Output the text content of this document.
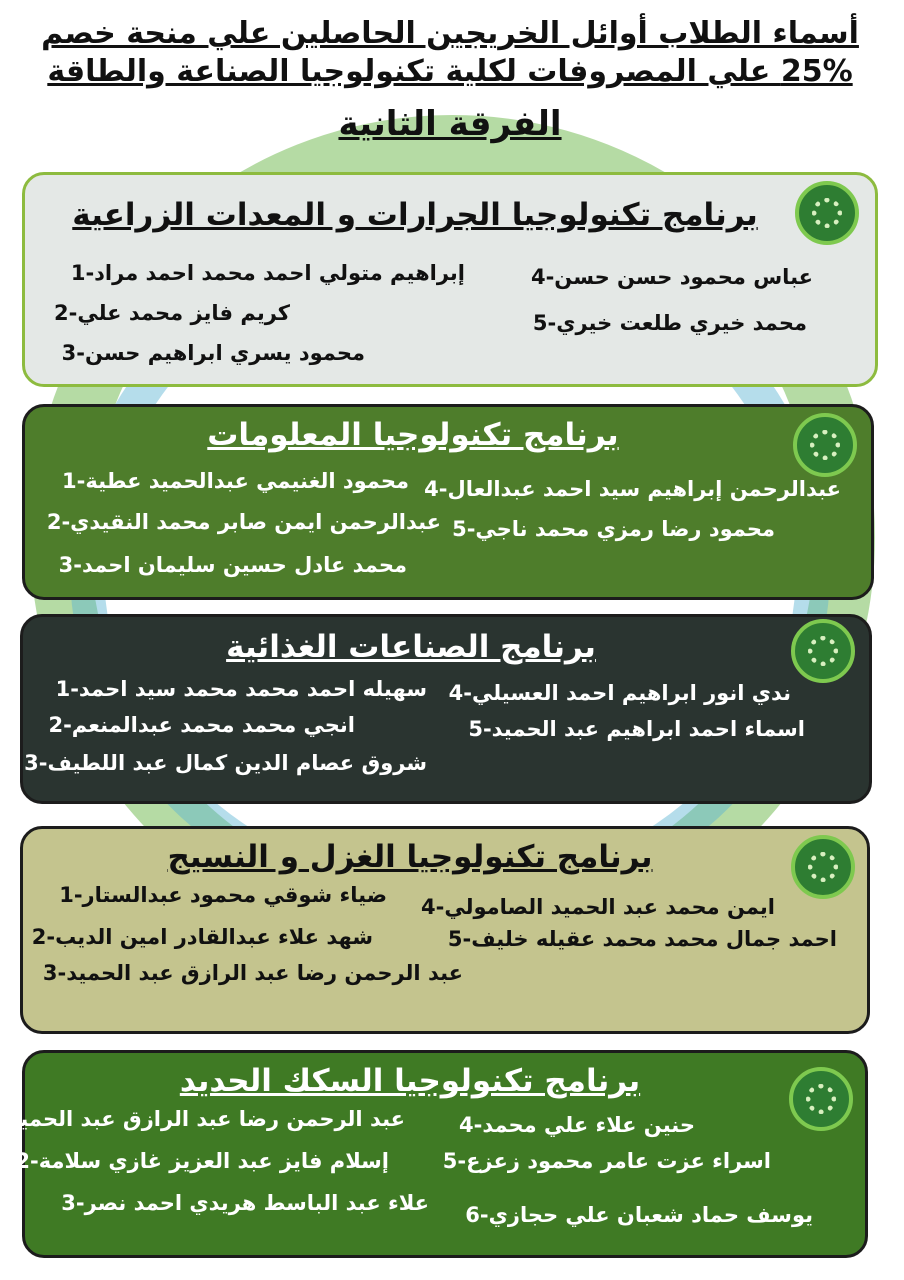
أسماء الطلاب أوائل الخريجين الحاصلين علي منحة خصم
25% علي المصروفات لكلية تكنولوجيا الصناعة والطاقة
الفرقة الثانية
برنامج تكنولوجيا الجرارات و المعدات الزراعية
إبراهيم متولي احمد محمد احمد مراد-1
كريم فايز محمد علي-2
محمود يسري ابراهيم حسن-3
عباس محمود حسن حسن-4
محمد خيري طلعت خيري-5
برنامج تكنولوجيا المعلومات
محمود الغنيمي عبدالحميد عطية-1
عبدالرحمن ايمن صابر محمد النقيدي-2
محمد عادل حسين سليمان احمد-3
عبدالرحمن إبراهيم سيد احمد عبدالعال-4
محمود رضا رمزي محمد ناجي-5
برنامج الصناعات الغذائية
سهيله احمد محمد محمد سيد احمد-1
انجي محمد محمد عبدالمنعم-2
شروق عصام الدين كمال عبد اللطيف-3
ندي انور ابراهيم احمد العسيلي-4
اسماء احمد ابراهيم عبد الحميد-5
برنامج تكنولوجيا الغزل و النسيج
ضياء شوقي محمود عبدالستار-1
شهد علاء عبدالقادر امين الديب-2
عبد الرحمن رضا عبد الرازق عبد الحميد-3
ايمن محمد عبد الحميد الصامولي-4
احمد جمال محمد محمد عقيله خليف-5
برنامج تكنولوجيا السكك الحديد
عبد الرحمن رضا عبد الرازق عبد الحميد-
إسلام فايز عبد العزيز غازي سلامة-2
علاء عبد الباسط هريدي احمد نصر-3
حنين علاء علي محمد-4
اسراء عزت عامر محمود زعزع-5
يوسف حماد شعبان علي حجازي-6
